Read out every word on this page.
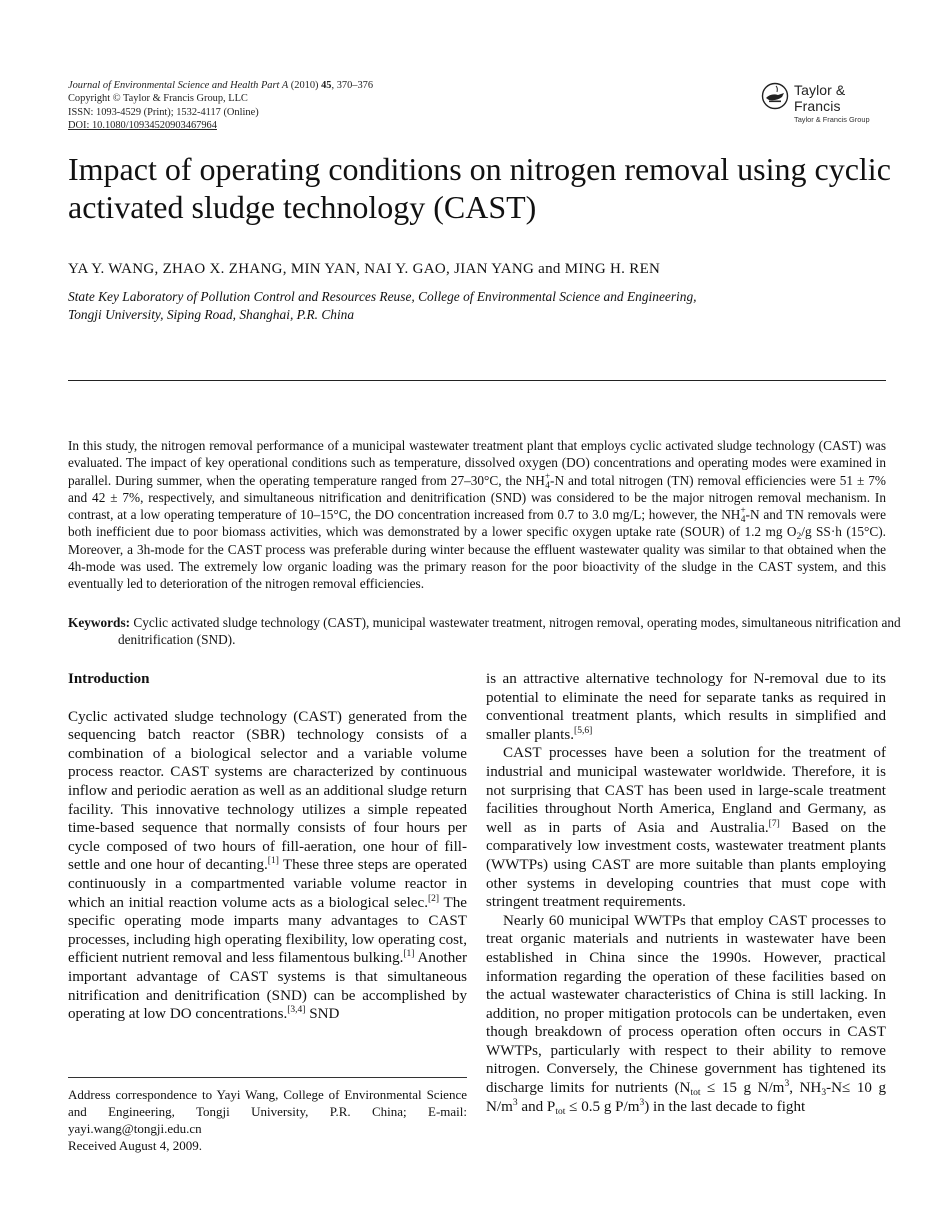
Journal of Environmental Science and Health Part A (2010) 45, 370–376
Copyright © Taylor & Francis Group, LLC
ISSN: 1093-4529 (Print); 1532-4117 (Online)
DOI: 10.1080/10934520903467964
Taylor & Francis
Taylor & Francis Group
Impact of operating conditions on nitrogen removal using cyclic activated sludge technology (CAST)
YA Y. WANG, ZHAO X. ZHANG, MIN YAN, NAI Y. GAO, JIAN YANG and MING H. REN
State Key Laboratory of Pollution Control and Resources Reuse, College of Environmental Science and Engineering,
Tongji University, Siping Road, Shanghai, P.R. China
In this study, the nitrogen removal performance of a municipal wastewater treatment plant that employs cyclic activated sludge technology (CAST) was evaluated. The impact of key operational conditions such as temperature, dissolved oxygen (DO) concentrations and operating modes were examined in parallel. During summer, when the operating temperature ranged from 27–30°C, the $NH^+_4-N$ and total nitrogen (TN) removal efficiencies were 51 ± 7% and 42 ± 7%, respectively, and simultaneous nitrification and denitrification (SND) was considered to be the major nitrogen removal mechanism. In contrast, at a low operating temperature of 10–15°C, the DO concentration increased from 0.7 to 3.0 mg/L; however, the $NH^+_4-N$ and TN removals were both inefficient due to poor biomass activities, which was demonstrated by a lower specific oxygen uptake rate (SOUR) of 1.2 mg $O_2/g$ SS·h (15°C). Moreover, a 3h-mode for the CAST process was preferable during winter because the effluent wastewater quality was similar to that obtained when the 4h-mode was used. The extremely low organic loading was the primary reason for the poor bioactivity of the sludge in the CAST system, and this eventually led to deterioration of the nitrogen removal efficiencies.
Keywords: Cyclic activated sludge technology (CAST), municipal wastewater treatment, nitrogen removal, operating modes, simultaneous nitrification and denitrification (SND).
Introduction

Cyclic activated sludge technology (CAST) generated from the sequencing batch reactor (SBR) technology consists of a combination of a biological selector and a variable volume process reactor. CAST systems are characterized by continuous inflow and periodic aeration as well as an additional sludge return facility. This innovative technology utilizes a simple repeated time-based sequence that normally consists of four hours per cycle composed of two hours of fill-aeration, one hour of fill-settle and one hour of decanting.[1] These three steps are operated continuously in a compartmented variable volume reactor in which an initial reaction volume acts as a biological selec.[2] The specific operating mode imparts many advantages to CAST processes, including high operating flexibility, low operating cost, efficient nutrient removal and less filamentous bulking.[1] Another important advantage of CAST systems is that simultaneous nitrification and denitrification (SND) can be accomplished by operating at low DO concentrations.[3,4] SND

is an attractive alternative technology for N-removal due to its potential to eliminate the need for separate tanks as required in conventional treatment plants, which results in simplified and smaller plants.[5,6]

CAST processes have been a solution for the treatment of industrial and municipal wastewater worldwide. Therefore, it is not surprising that CAST has been used in large-scale treatment facilities throughout North America, England and Germany, as well as in parts of Asia and Australia.[7] Based on the comparatively low investment costs, wastewater treatment plants (WWTPs) using CAST are more suitable than plants employing other systems in developing countries that must cope with stringent treatment requirements.

Nearly 60 municipal WWTPs that employ CAST processes to treat organic materials and nutrients in wastewater have been established in China since the 1990s. However, practical information regarding the operation of these facilities based on the actual wastewater characteristics of China is still lacking. In addition, no proper mitigation protocols can be undertaken, even though breakdown of process operation often occurs in CAST WWTPs, particularly with respect to their ability to remove nitrogen. Conversely, the Chinese government has tightened its discharge limits for nutrients ($N_{tot} \le 15$ g $N/m^3$, $NH_3-N\le 10$ g $N/m^3$ and $P_{tot} \le 0.5$ g $P/m^3$) in the last decade to fight

Address correspondence to Yayi Wang, College of Environmental Science and Engineering, Tongji University, P.R. China; E-mail: yayi.wang@tongji.edu.cn
Received August 4, 2009.
